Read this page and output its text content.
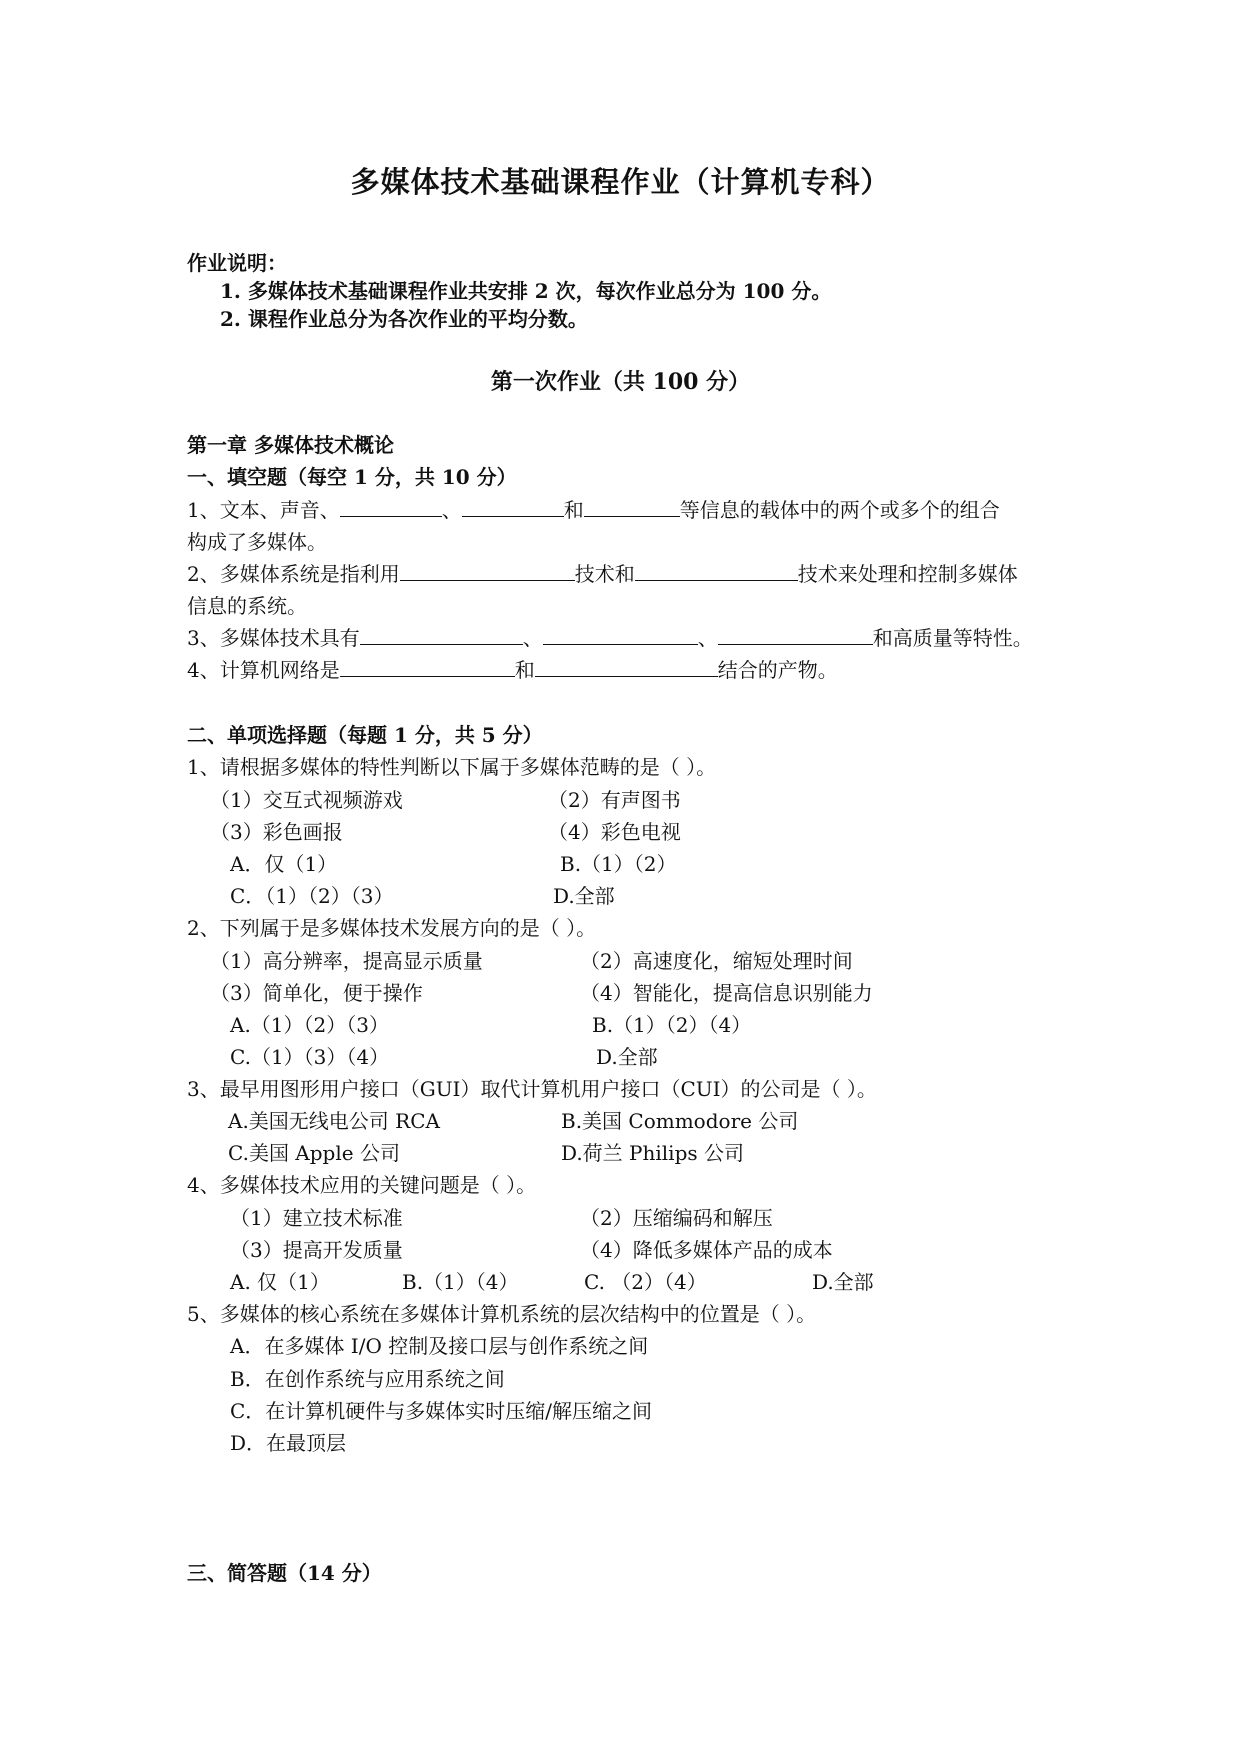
多媒体技术基础课程作业（计算机专科）
作业说明：
1. 多媒体技术基础课程作业共安排 2 次，每次作业总分为 100 分。
2. 课程作业总分为各次作业的平均分数。
第一次作业（共 100 分）
第一章 多媒体技术概论
一、填空题（每空 1 分，共 10 分）
1、文本、声音、	、	和	等信息的载体中的两个或多个的组合
构成了多媒体。
2、多媒体系统是指利用	技术和	技术来处理和控制多媒体
信息的系统。
3、多媒体技术具有	、	、	和高质量等特性。
4、计算机网络是	和	结合的产物。
二、单项选择题（每题 1 分，共 5 分）
1、请根据多媒体的特性判断以下属于多媒体范畴的是（ ）。
（1）交互式视频游戏	（2）有声图书
（3）彩色画报	（4）彩色电视
A．仅（1）	B.（1）（2）
C．（1）（2）（3）	D.全部
2、下列属于是多媒体技术发展方向的是（ ）。
（1）高分辨率，提高显示质量	（2）高速度化，缩短处理时间
（3）简单化，便于操作	（4）智能化，提高信息识别能力
A.（1）（2）（3）	B.（1）（2）（4）
C.（1）（3）（4）	D.全部
3、最早用图形用户接口（GUI）取代计算机用户接口（CUI）的公司是（ ）。
A.美国无线电公司 RCA	B.美国 Commodore 公司
C.美国 Apple 公司	D.荷兰 Philips 公司
4、多媒体技术应用的关键问题是（ ）。
（1）建立技术标准	（2）压缩编码和解压
（3）提高开发质量	（4）降低多媒体产品的成本
A. 仅（1）	B.（1）（4）	C. （2）（4）	D.全部
5、多媒体的核心系统在多媒体计算机系统的层次结构中的位置是（ ）。
A．在多媒体 I/O 控制及接口层与创作系统之间
B．在创作系统与应用系统之间
C．在计算机硬件与多媒体实时压缩/解压缩之间
D．在最顶层
三、简答题（14 分）
